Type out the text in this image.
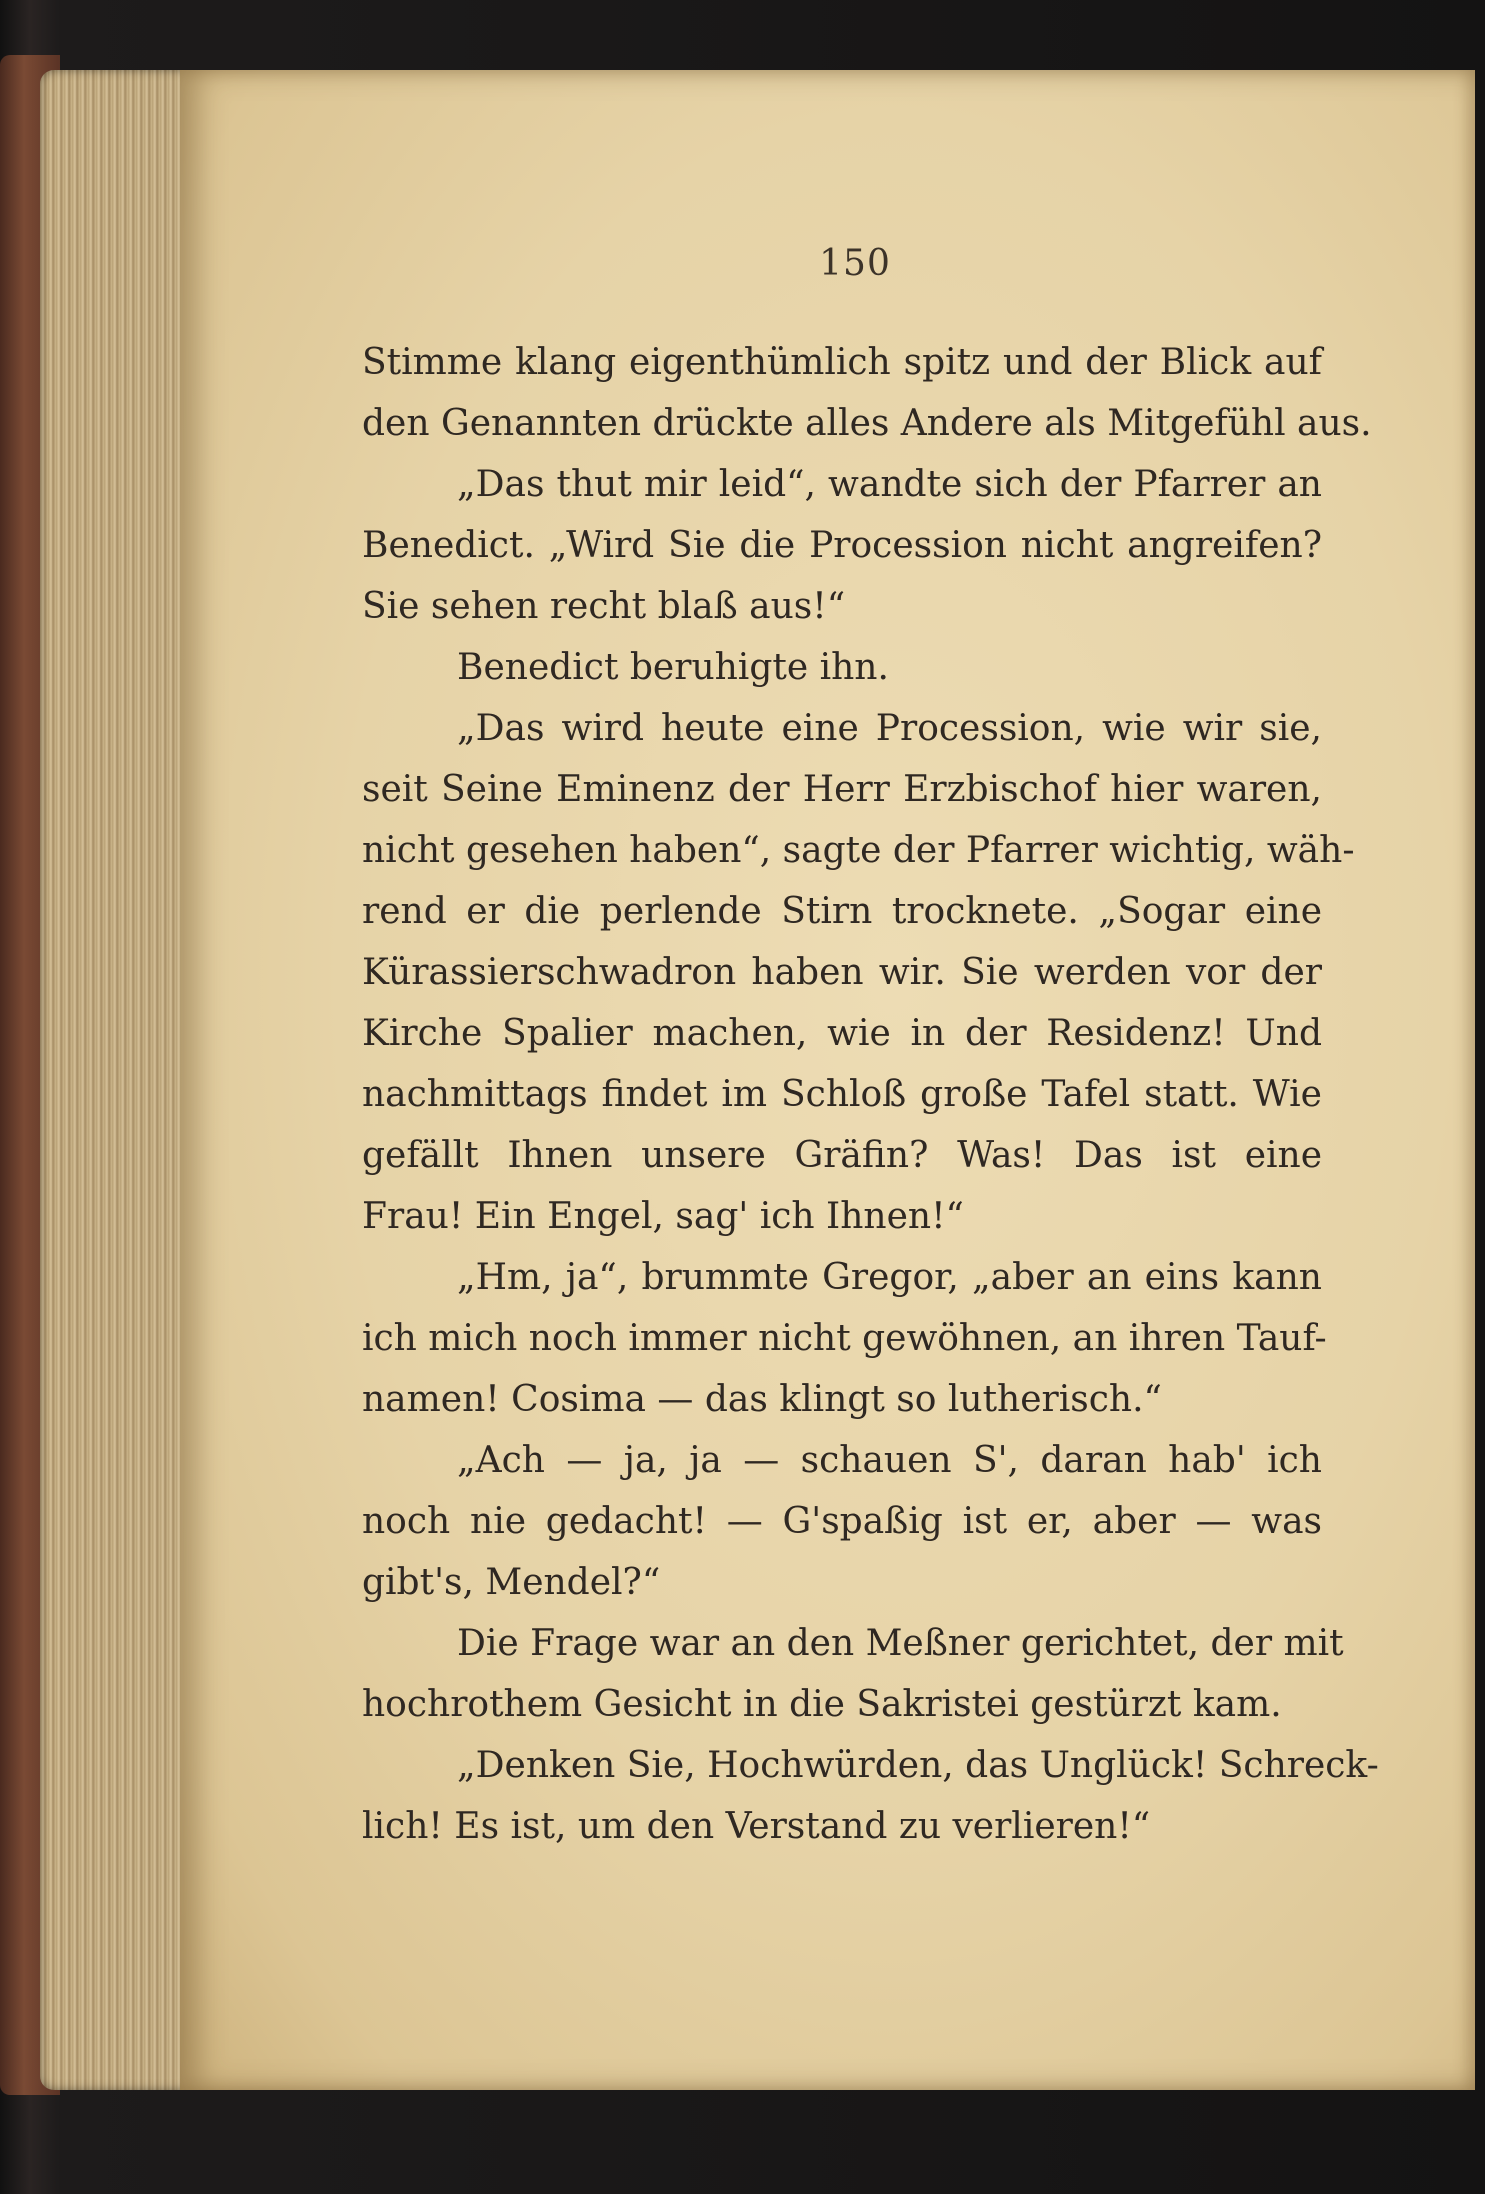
150
Stimme klang eigenthümlich spitz und der Blick auf
den Genannten drückte alles Andere als Mitgefühl aus.
„Das thut mir leid“, wandte sich der Pfarrer an
Benedict. „Wird Sie die Procession nicht angreifen?
Sie sehen recht blaß aus!“
Benedict beruhigte ihn.
„Das wird heute eine Procession, wie wir sie,
seit Seine Eminenz der Herr Erzbischof hier waren,
nicht gesehen haben“, sagte der Pfarrer wichtig, wäh-
rend er die perlende Stirn trocknete. „Sogar eine
Kürassierschwadron haben wir. Sie werden vor der
Kirche Spalier machen, wie in der Residenz! Und
nachmittags findet im Schloß große Tafel statt. Wie
gefällt Ihnen unsere Gräfin? Was! Das ist eine
Frau! Ein Engel, sag' ich Ihnen!“
„Hm, ja“, brummte Gregor, „aber an eins kann
ich mich noch immer nicht gewöhnen, an ihren Tauf-
namen! Cosima — das klingt so lutherisch.“
„Ach — ja, ja — schauen S', daran hab' ich
noch nie gedacht! — G'spaßig ist er, aber — was
gibt's, Mendel?“
Die Frage war an den Meßner gerichtet, der mit
hochrothem Gesicht in die Sakristei gestürzt kam.
„Denken Sie, Hochwürden, das Unglück! Schreck-
lich! Es ist, um den Verstand zu verlieren!“
